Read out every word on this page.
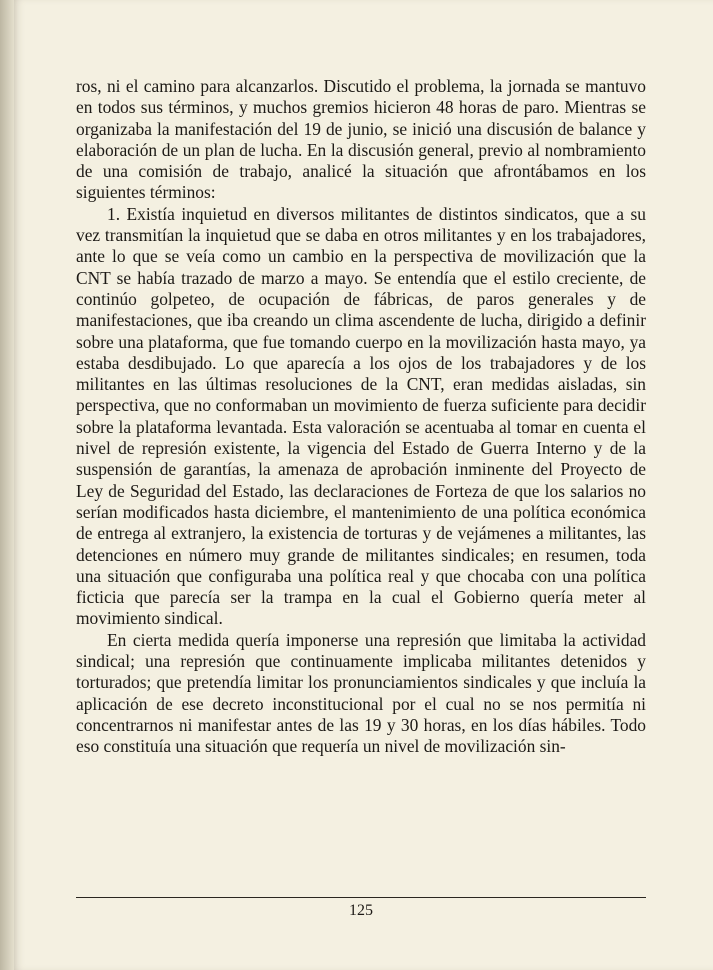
ros, ni el camino para alcanzarlos. Discutido el problema, la jornada se mantuvo en todos sus términos, y muchos gremios hicieron 48 horas de paro. Mientras se organizaba la manifestación del 19 de junio, se inició una discusión de balance y elaboración de un plan de lucha. En la discusión general, previo al nombramiento de una comisión de trabajo, analicé la situación que afrontábamos en los siguientes términos:

1. Existía inquietud en diversos militantes de distintos sindicatos, que a su vez transmitían la inquietud que se daba en otros militantes y en los trabajadores, ante lo que se veía como un cambio en la perspectiva de movilización que la CNT se había trazado de marzo a mayo. Se entendía que el estilo creciente, de continúo golpeteo, de ocupación de fábricas, de paros generales y de manifestaciones, que iba creando un clima ascendente de lucha, dirigido a definir sobre una plataforma, que fue tomando cuerpo en la movilización hasta mayo, ya estaba desdibujado. Lo que aparecía a los ojos de los trabajadores y de los militantes en las últimas resoluciones de la CNT, eran medidas aisladas, sin perspectiva, que no conformaban un movimiento de fuerza suficiente para decidir sobre la plataforma levantada. Esta valoración se acentuaba al tomar en cuenta el nivel de represión existente, la vigencia del Estado de Guerra Interno y de la suspensión de garantías, la amenaza de aprobación inminente del Proyecto de Ley de Seguridad del Estado, las declaraciones de Forteza de que los salarios no serían modificados hasta diciembre, el mantenimiento de una política económica de entrega al extranjero, la existencia de torturas y de vejámenes a militantes, las detenciones en número muy grande de militantes sindicales; en resumen, toda una situación que configuraba una política real y que chocaba con una política ficticia que parecía ser la trampa en la cual el Gobierno quería meter al movimiento sindical.

En cierta medida quería imponerse una represión que limitaba la actividad sindical; una represión que continuamente implicaba militantes detenidos y torturados; que pretendía limitar los pronunciamientos sindicales y que incluía la aplicación de ese decreto inconstitucional por el cual no se nos permitía ni concentrarnos ni manifestar antes de las 19 y 30 horas, en los días hábiles. Todo eso constituía una situación que requería un nivel de movilización sin-

125
